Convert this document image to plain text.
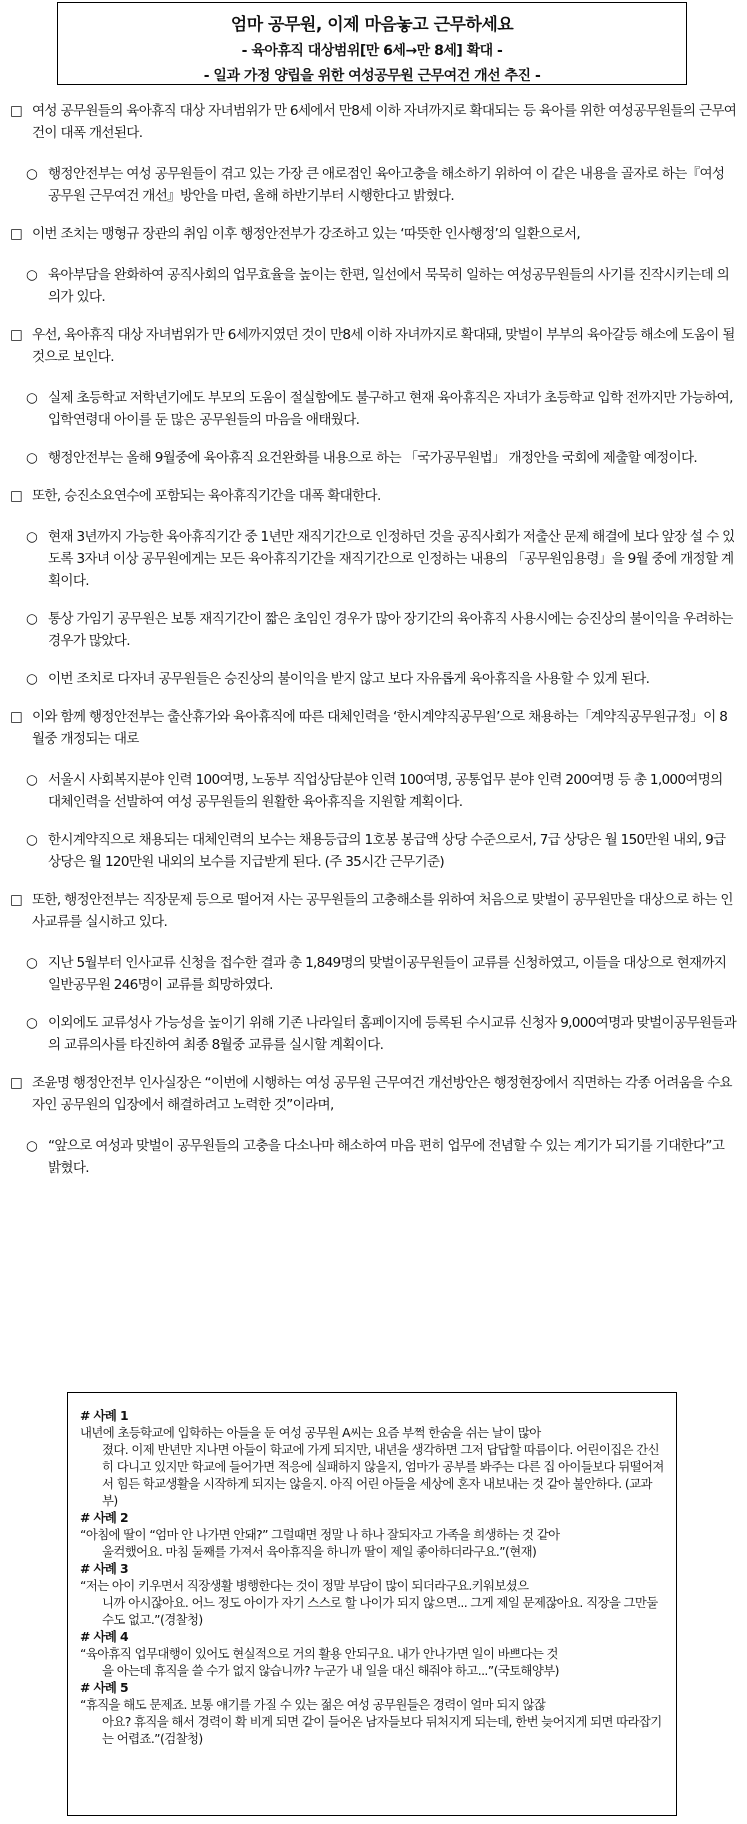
엄마 공무원, 이제 마음놓고 근무하세요
- 육아휴직 대상범위[만 6세→만 8세] 확대 -
- 일과 가정 양립을 위한 여성공무원 근무여건 개선 추진 -
□ 여성 공무원들의 육아휴직 대상 자녀범위가 만 6세에서 만8세 이하 자녀까지로 확대되는 등 육아를 위한 여성공무원들의 근무여건이 대폭 개선된다.
○ 행정안전부는 여성 공무원들이 겪고 있는 가장 큰 애로점인 육아고충을 해소하기 위하여 이 같은 내용을 골자로 하는『여성 공무원 근무여건 개선』방안을 마련, 올해 하반기부터 시행한다고 밝혔다.
□ 이번 조치는 맹형규 장관의 취임 이후 행정안전부가 강조하고 있는 ‘따뜻한 인사행정’의 일환으로서,
○ 육아부담을 완화하여 공직사회의 업무효율을 높이는 한편, 일선에서 묵묵히 일하는 여성공무원들의 사기를 진작시키는데 의의가 있다.
□ 우선, 육아휴직 대상 자녀범위가 만 6세까지였던 것이 만8세 이하 자녀까지로 확대돼, 맞벌이 부부의 육아갈등 해소에 도움이 될 것으로 보인다.
○ 실제 초등학교 저학년기에도 부모의 도움이 절실함에도 불구하고 현재 육아휴직은 자녀가 초등학교 입학 전까지만 가능하여, 입학연령대 아이를 둔 많은 공무원들의 마음을 애태웠다.
○ 행정안전부는 올해 9월중에 육아휴직 요건완화를 내용으로 하는 「국가공무원법」 개정안을 국회에 제출할 예정이다.
□ 또한, 승진소요연수에 포함되는 육아휴직기간을 대폭 확대한다.
○ 현재 3년까지 가능한 육아휴직기간 중 1년만 재직기간으로 인정하던 것을 공직사회가 저출산 문제 해결에 보다 앞장 설 수 있도록 3자녀 이상 공무원에게는 모든 육아휴직기간을 재직기간으로 인정하는 내용의 「공무원임용령」을 9월 중에 개정할 계획이다.
○ 통상 가임기 공무원은 보통 재직기간이 짧은 초임인 경우가 많아 장기간의 육아휴직 사용시에는 승진상의 불이익을 우려하는 경우가 많았다.
○ 이번 조치로 다자녀 공무원들은 승진상의 불이익을 받지 않고 보다 자유롭게 육아휴직을 사용할 수 있게 된다.
□ 이와 함께 행정안전부는 출산휴가와 육아휴직에 따른 대체인력을 ‘한시계약직공무원’으로 채용하는「계약직공무원규정」이 8월중 개정되는 대로
○ 서울시 사회복지분야 인력 100여명, 노동부 직업상담분야 인력 100여명, 공통업무 분야 인력 200여명 등 총 1,000여명의 대체인력을 선발하여 여성 공무원들의 원활한 육아휴직을 지원할 계획이다.
○ 한시계약직으로 채용되는 대체인력의 보수는 채용등급의 1호봉 봉급액 상당 수준으로서, 7급 상당은 월 150만원 내외, 9급 상당은 월 120만원 내외의 보수를 지급받게 된다. (주 35시간 근무기준)
□ 또한, 행정안전부는 직장문제 등으로 떨어져 사는 공무원들의 고충해소를 위하여 처음으로 맞벌이 공무원만을 대상으로 하는 인사교류를 실시하고 있다.
○ 지난 5월부터 인사교류 신청을 접수한 결과 총 1,849명의 맞벌이공무원들이 교류를 신청하였고, 이들을 대상으로 현재까지 일반공무원 246명이 교류를 희망하였다.
○ 이외에도 교류성사 가능성을 높이기 위해 기존 나라일터 홈페이지에 등록된 수시교류 신청자 9,000여명과 맞벌이공무원들과의 교류의사를 타진하여 최종 8월중 교류를 실시할 계획이다.
□ 조윤명 행정안전부 인사실장은 “이번에 시행하는 여성 공무원 근무여건 개선방안은 행정현장에서 직면하는 각종 어려움을 수요자인 공무원의 입장에서 해결하려고 노력한 것”이라며,
○ “앞으로 여성과 맞벌이 공무원들의 고충을 다소나마 해소하여 마음 편히 업무에 전념할 수 있는 계기가 되기를 기대한다”고 밝혔다.
# 사례 1
내년에 초등학교에 입학하는 아들을 둔 여성 공무원 A씨는 요즘 부쩍 한숨을 쉬는 날이 많아
졌다. 이제 반년만 지나면 아들이 학교에 가게 되지만, 내년을 생각하면 그저 답답할 따름이다. 어린이집은 간신히 다니고 있지만 학교에 들어가면 적응에 실패하지 않을지, 엄마가 공부를 봐주는 다른 집 아이들보다 뒤떨어져서 힘든 학교생활을 시작하게 되지는 않을지. 아직 어린 아들을 세상에 혼자 내보내는 것 같아 불안하다. (교과부)
# 사례 2
“아침에 딸이 “엄마 안 나가면 안돼?” 그럴때면 정말 나 하나 잘되자고 가족을 희생하는 것 같아
울컥했어요. 마침 둘째를 가져서 육아휴직을 하니까 딸이 제일 좋아하더라구요.”(현재)
# 사례 3
“저는 아이 키우면서 직장생활 병행한다는 것이 정말 부담이 많이 되더라구요.키워보셨으
니까 아시잖아요. 어느 정도 아이가 자기 스스로 할 나이가 되지 않으면... 그게 제일 문제잖아요. 직장을 그만둘 수도 없고.”(경찰청)
# 사례 4
“육아휴직 업무대행이 있어도 현실적으로 거의 활용 안되구요. 내가 안나가면 일이 바쁘다는 것
을 아는데 휴직을 쓸 수가 없지 않습니까? 누군가 내 일을 대신 해줘야 하고...”(국토해양부)
# 사례 5
“휴직을 해도 문제죠. 보통 얘기를 가질 수 있는 젊은 여성 공무원들은 경력이 얼마 되지 않잖
아요? 휴직을 해서 경력이 확 비게 되면 같이 들어온 남자들보다 뒤처지게 되는데, 한번 늦어지게 되면 따라잡기는 어렵죠.”(검찰청)
